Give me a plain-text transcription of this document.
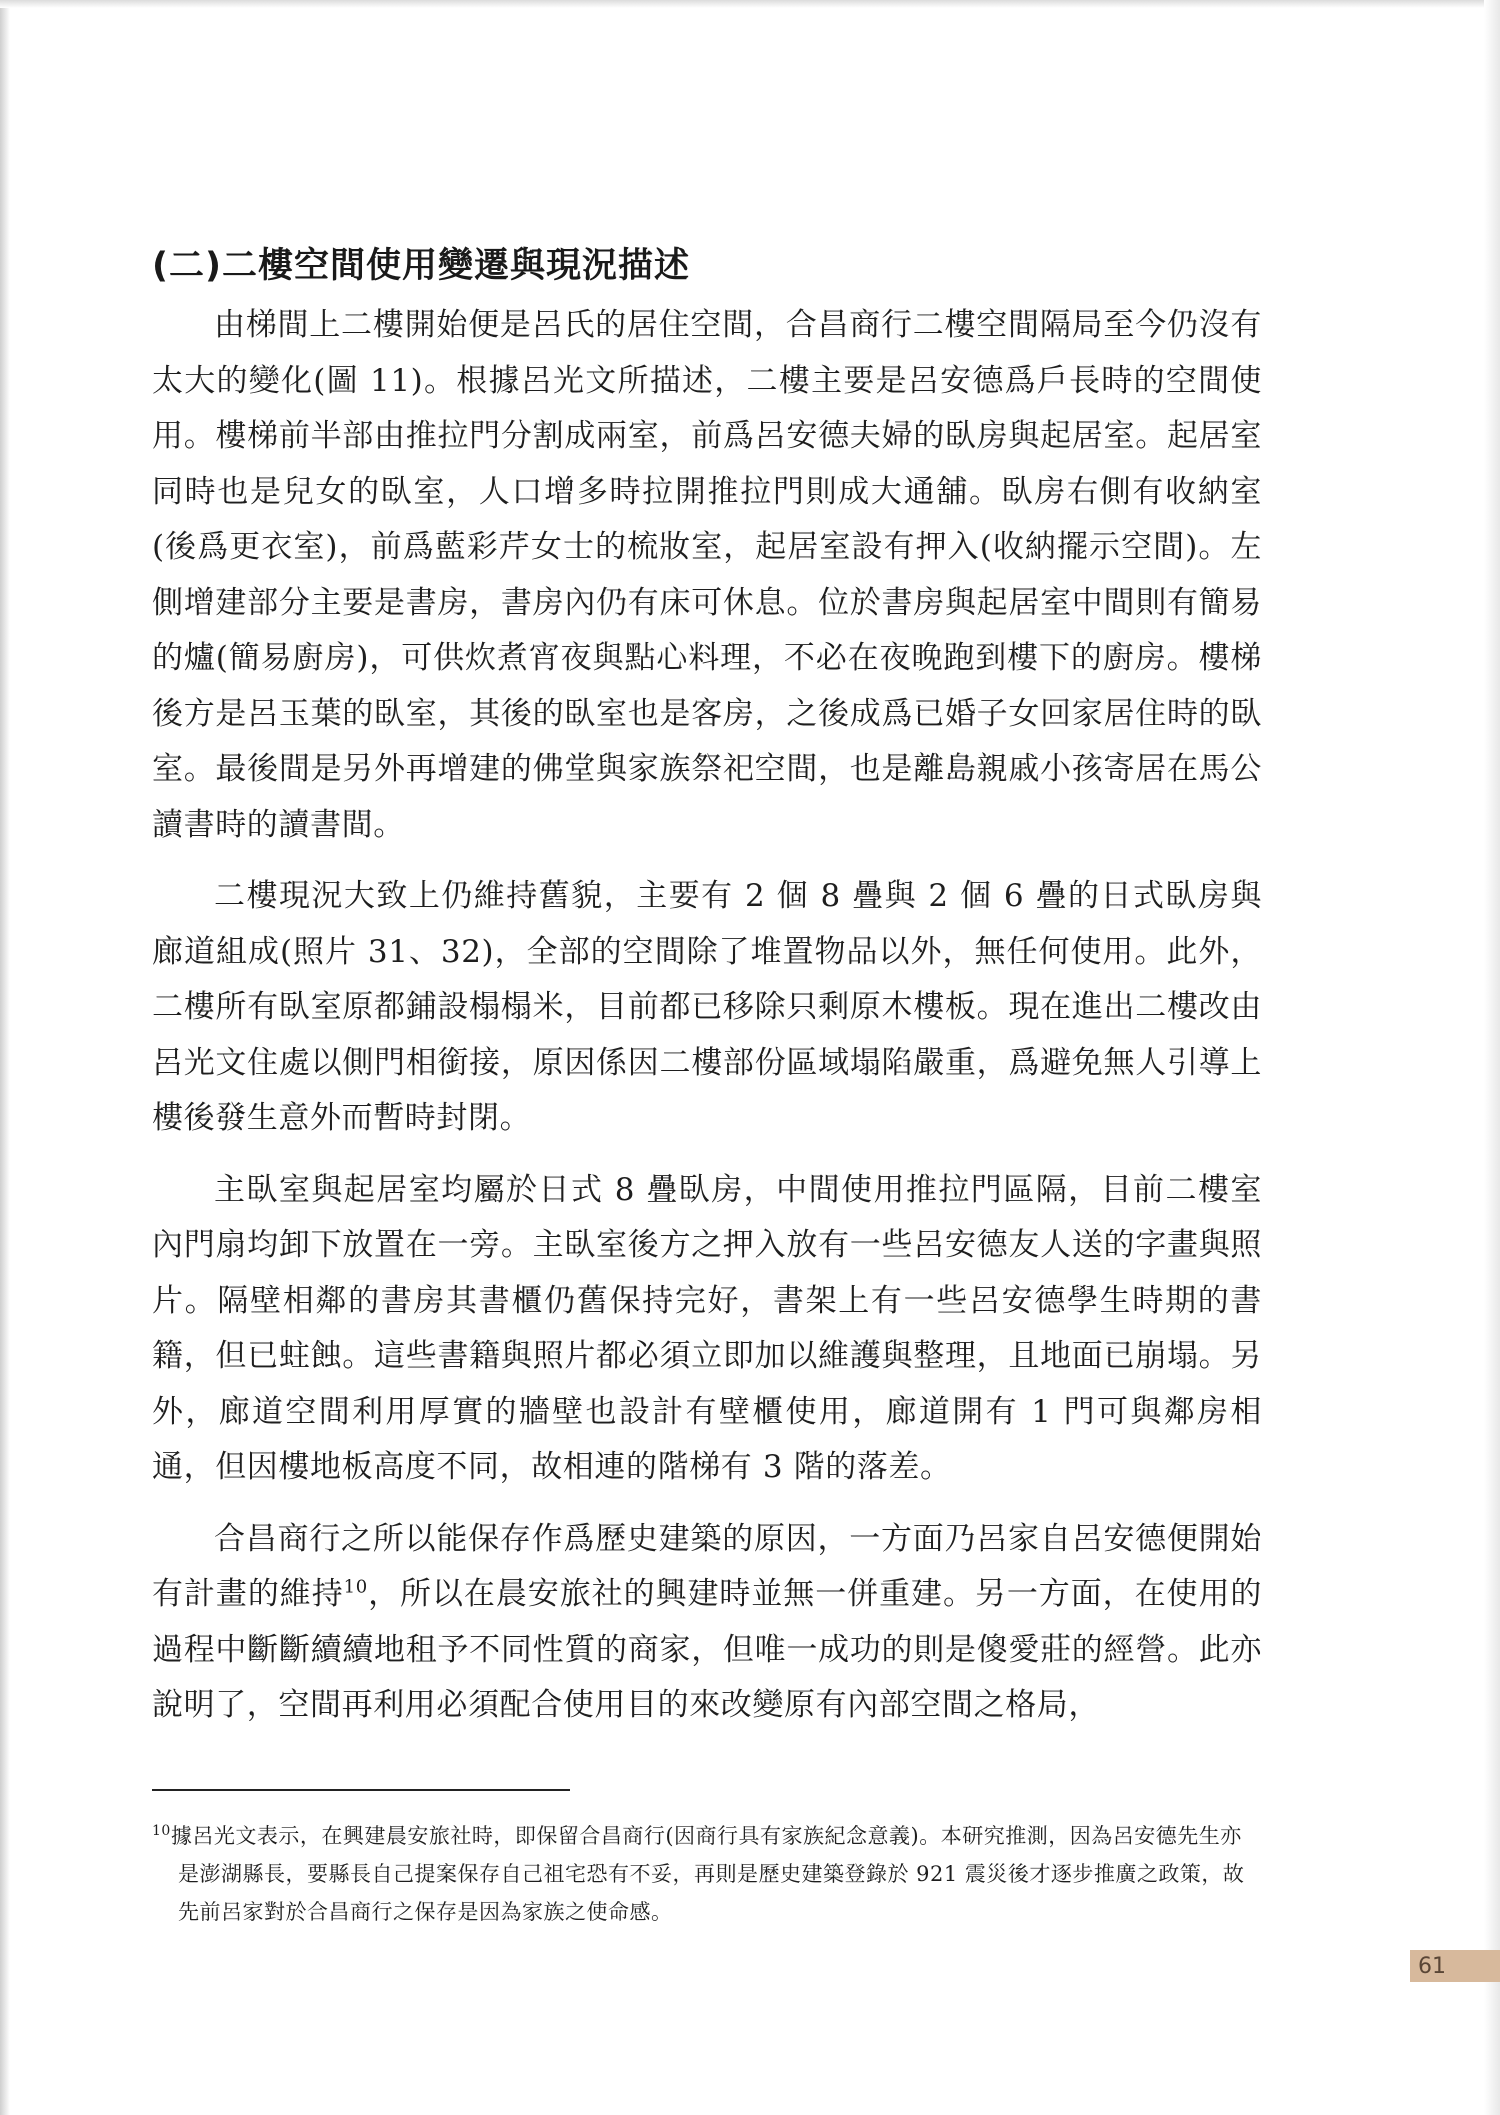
(二)二樓空間使用變遷與現況描述

由梯間上二樓開始便是呂氏的居住空間，合昌商行二樓空間隔局至今仍沒有太大的變化(圖 11)。根據呂光文所描述，二樓主要是呂安德爲戶長時的空間使用。樓梯前半部由推拉門分割成兩室，前爲呂安德夫婦的臥房與起居室。起居室同時也是兒女的臥室，人口增多時拉開推拉門則成大通舖。臥房右側有收納室(後爲更衣室)，前爲藍彩芹女士的梳妝室，起居室設有押入(收納擺示空間)。左側增建部分主要是書房，書房內仍有床可休息。位於書房與起居室中間則有簡易的爐(簡易廚房)，可供炊煮宵夜與點心料理，不必在夜晚跑到樓下的廚房。樓梯後方是呂玉葉的臥室，其後的臥室也是客房，之後成爲已婚子女回家居住時的臥室。最後間是另外再增建的佛堂與家族祭祀空間，也是離島親戚小孩寄居在馬公讀書時的讀書間。

二樓現況大致上仍維持舊貌，主要有 2 個 8 疊與 2 個 6 疊的日式臥房與廊道組成(照片 31、32)，全部的空間除了堆置物品以外，無任何使用。此外，二樓所有臥室原都鋪設榻榻米，目前都已移除只剩原木樓板。現在進出二樓改由呂光文住處以側門相銜接，原因係因二樓部份區域塌陷嚴重，爲避免無人引導上樓後發生意外而暫時封閉。

主臥室與起居室均屬於日式 8 疊臥房，中間使用推拉門區隔，目前二樓室內門扇均卸下放置在一旁。主臥室後方之押入放有一些呂安德友人送的字畫與照片。隔壁相鄰的書房其書櫃仍舊保持完好，書架上有一些呂安德學生時期的書籍，但已蛀蝕。這些書籍與照片都必須立即加以維護與整理，且地面已崩塌。另外，廊道空間利用厚實的牆壁也設計有壁櫃使用，廊道開有 1 門可與鄰房相通，但因樓地板高度不同，故相連的階梯有 3 階的落差。

合昌商行之所以能保存作爲歷史建築的原因，一方面乃呂家自呂安德便開始有計畫的維持$^{10}$，所以在晨安旅社的興建時並無一併重建。另一方面，在使用的過程中斷斷續續地租予不同性質的商家，但唯一成功的則是傻愛莊的經營。此亦說明了，空間再利用必須配合使用目的來改變原有內部空間之格局，

$^{10}$據呂光文表示，在興建晨安旅社時，即保留合昌商行(因商行具有家族紀念意義)。本研究推測，因為呂安德先生亦是澎湖縣長，要縣長自己提案保存自己祖宅恐有不妥，再則是歷史建築登錄於 921 震災後才逐步推廣之政策，故先前呂家對於合昌商行之保存是因為家族之使命感。
61
